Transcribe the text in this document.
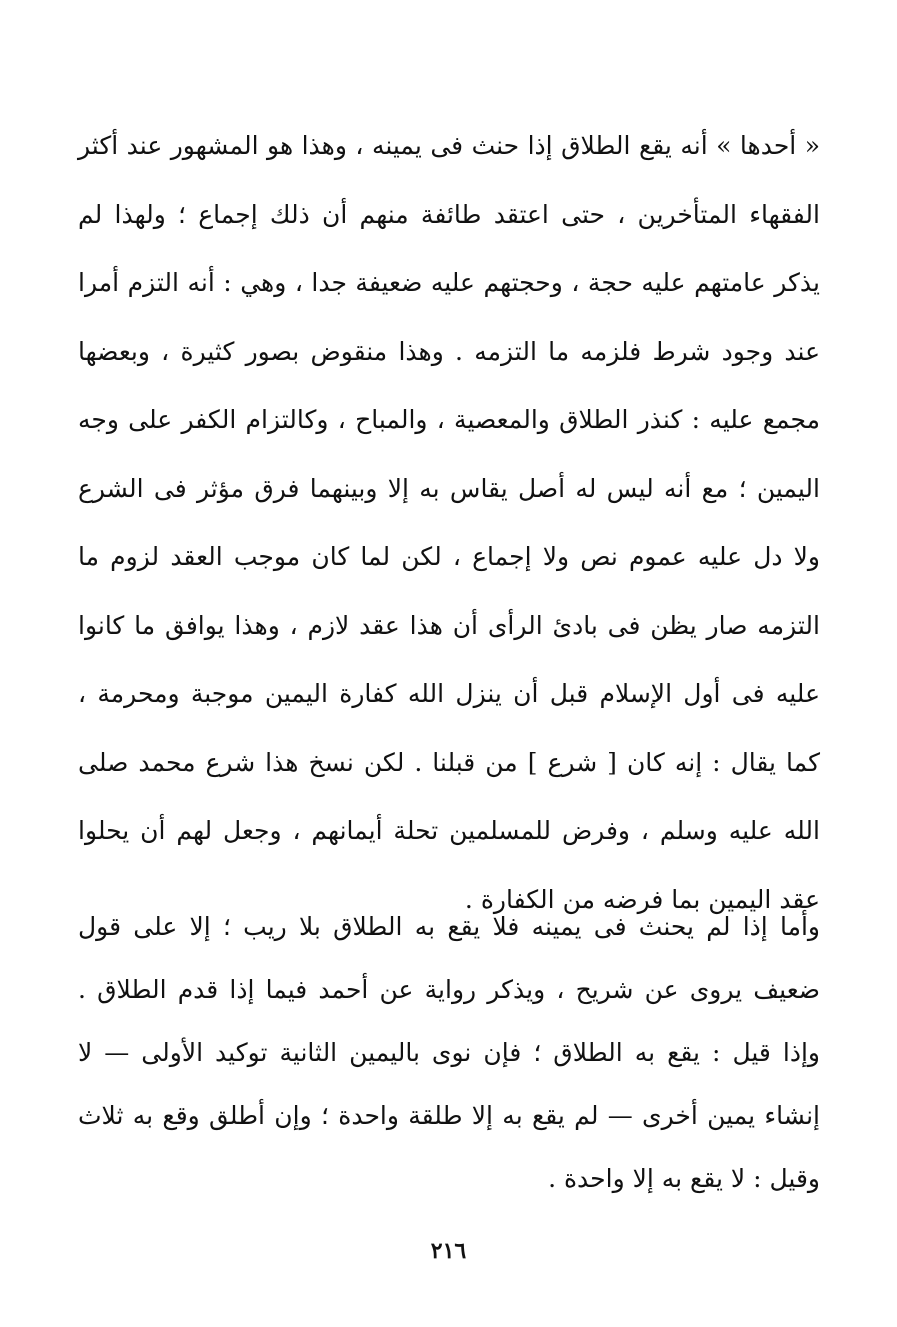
« أحدها » أنه يقع الطلاق إذا حنث فى يمينه ، وهذا هو المشهور عند أكثر الفقهاء المتأخرين ، حتى اعتقد طائفة منهم أن ذلك إجماع ؛ ولهذا لم يذكر عامتهم عليه حجة ، وحجتهم عليه ضعيفة جدا ، وهي : أنه التزم أمرا عند وجود شرط فلزمه ما التزمه . وهذا منقوض بصور كثيرة ، وبعضها مجمع عليه : كنذر الطلاق والمعصية ، والمباح ، وكالتزام الكفر على وجه اليمين ؛ مع أنه ليس له أصل يقاس به إلا وبينهما فرق مؤثر فى الشرع ولا دل عليه عموم نص ولا إجماع ، لكن لما كان موجب العقد لزوم ما التزمه صار يظن فى بادئ الرأى أن هذا عقد لازم ، وهذا يوافق ما كانوا عليه فى أول الإسلام قبل أن ينزل الله كفارة اليمين موجبة ومحرمة ، كما يقال : إنه كان [ شرع ] من قبلنا . لكن نسخ هذا شرع محمد صلى الله عليه وسلم ، وفرض للمسلمين تحلة أيمانهم ، وجعل لهم أن يحلوا عقد اليمين بما فرضه من الكفارة .

وأما إذا لم يحنث فى يمينه فلا يقع به الطلاق بلا ريب ؛ إلا على قول ضعيف يروى عن شريح ، ويذكر رواية عن أحمد فيما إذا قدم الطلاق . وإذا قيل : يقع به الطلاق ؛ فإن نوى باليمين الثانية توكيد الأولى — لا إنشاء يمين أخرى — لم يقع به إلا طلقة واحدة ؛ وإن أطلق وقع به ثلاث وقيل : لا يقع به إلا واحدة .

٢١٦
